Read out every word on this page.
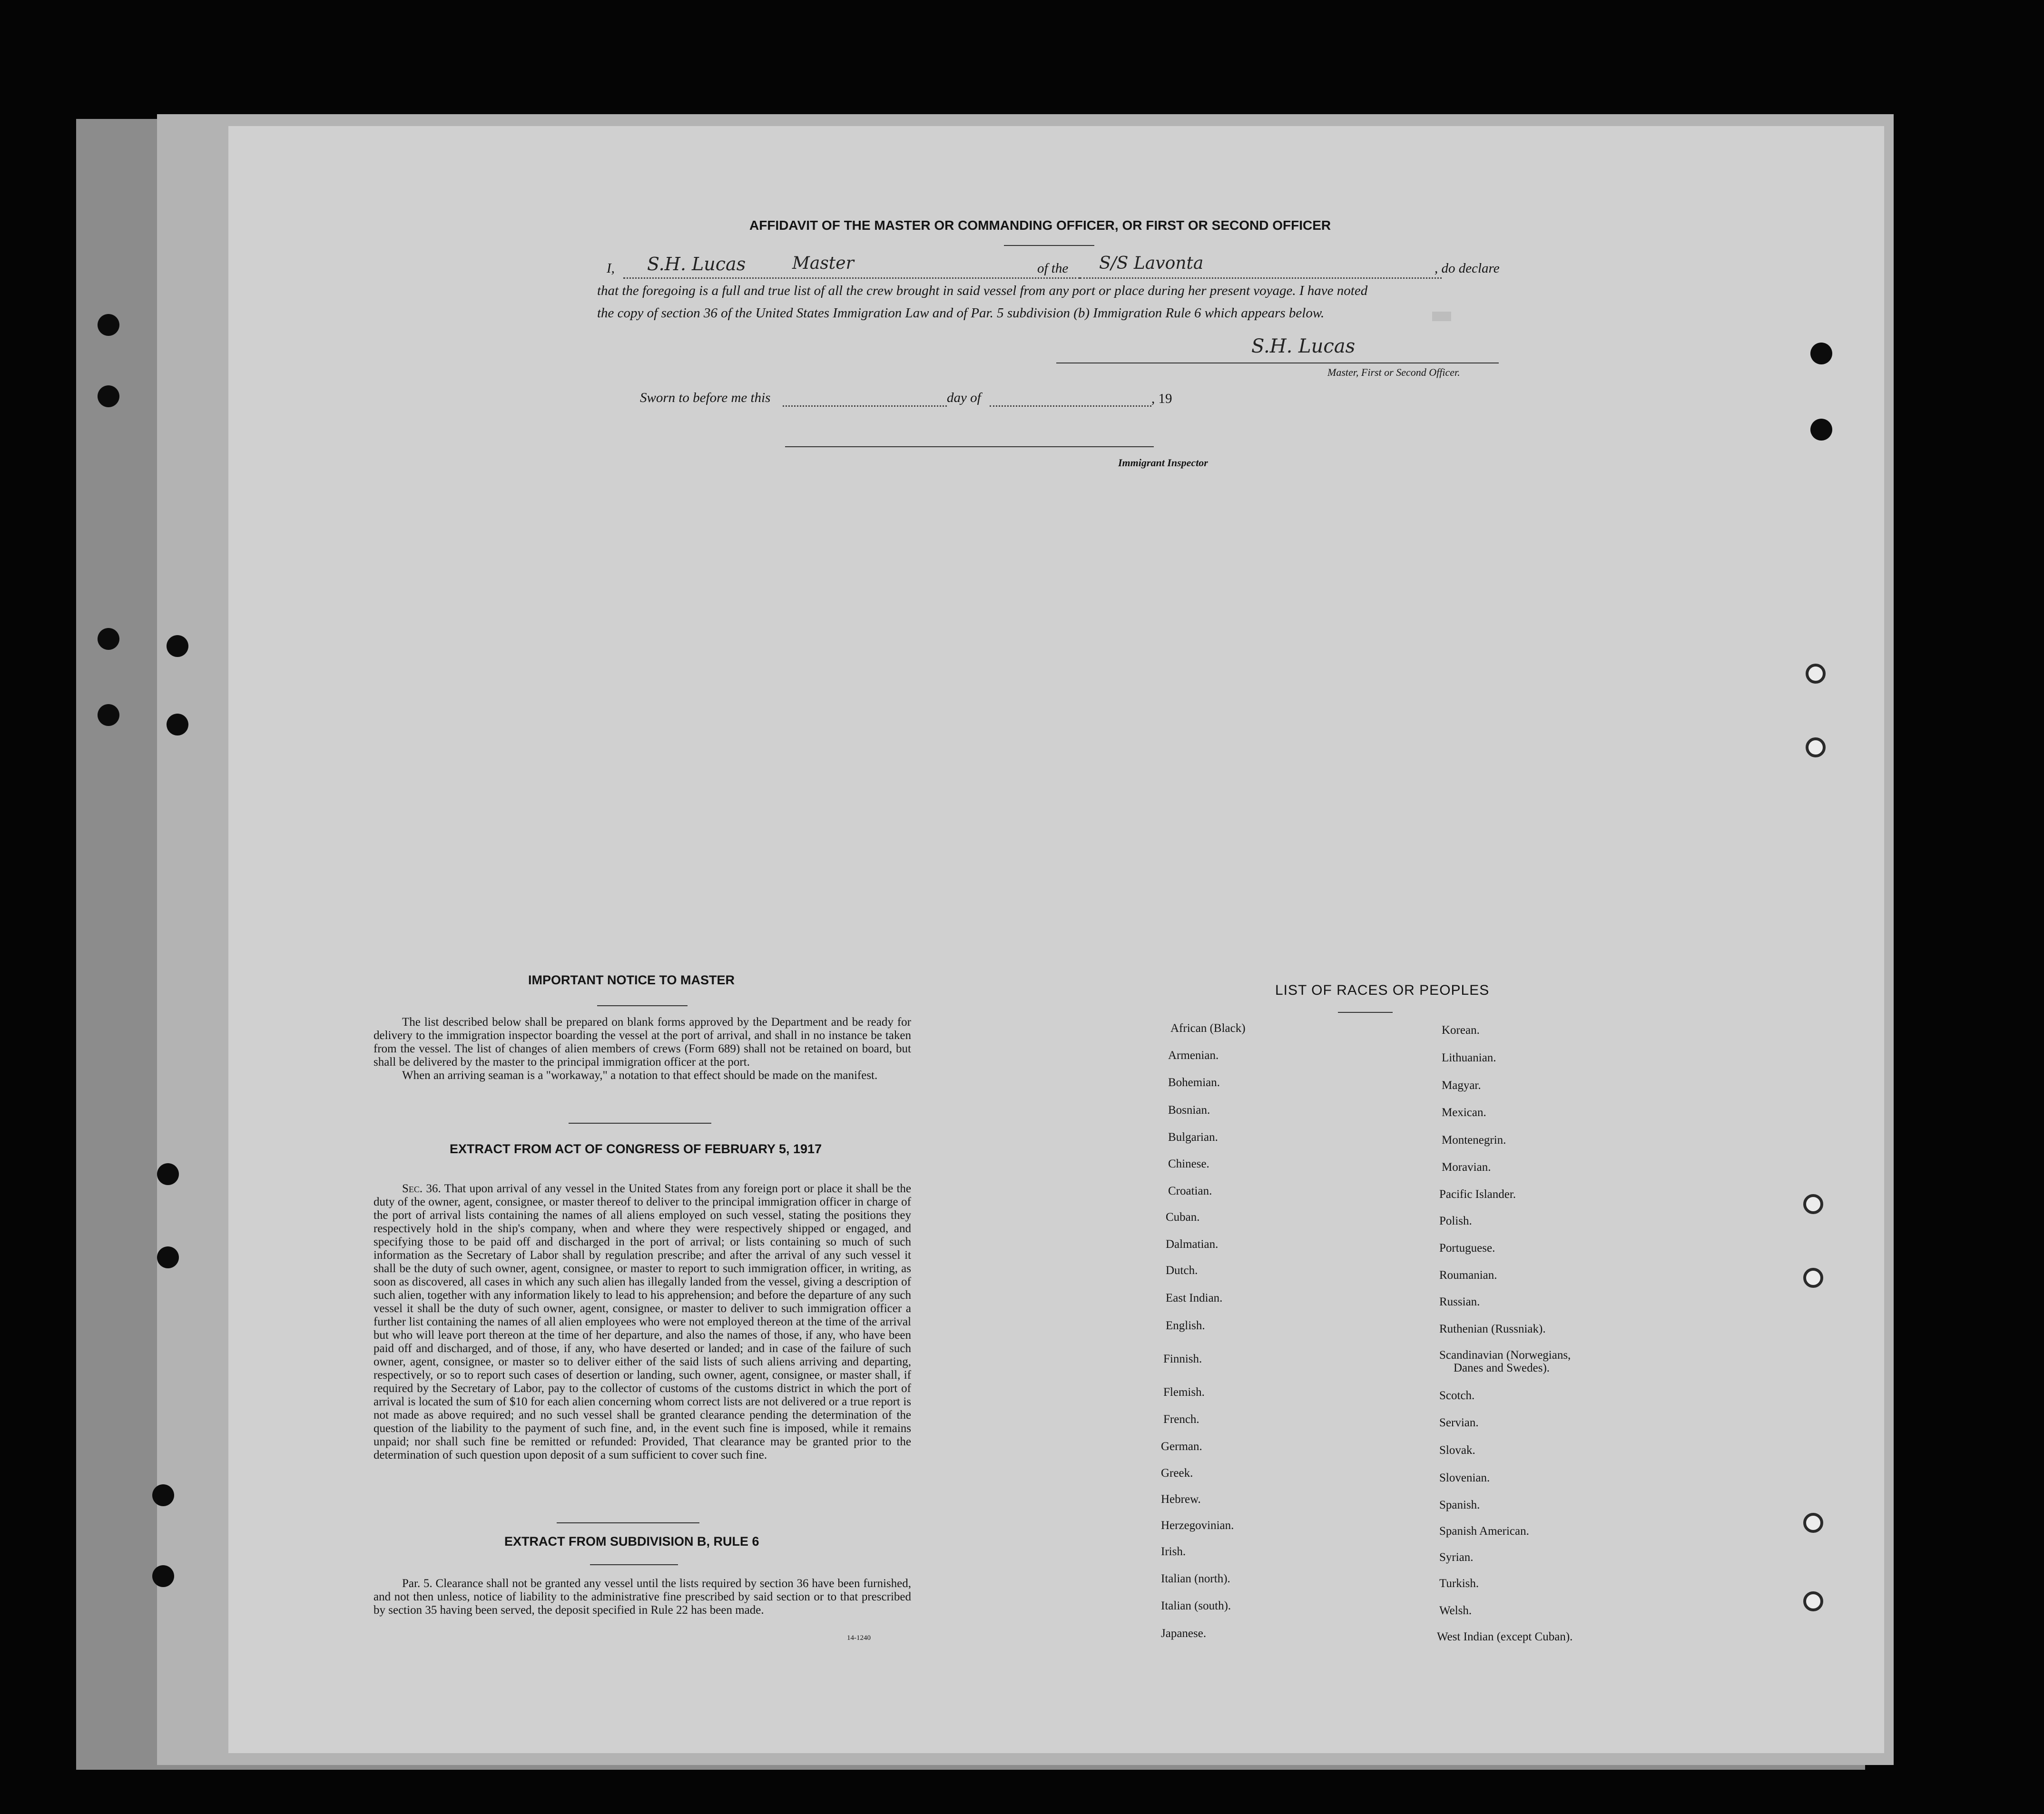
AFFIDAVIT OF THE MASTER OR COMMANDING OFFICER, OR FIRST OR SECOND OFFICER
I, S.H. Lucas	Master	of the S/S Lavonta	, do declare
that the foregoing is a full and true list of all the crew brought in said vessel from any port or place during her present voyage. I have noted
the copy of section 36 of the United States Immigration Law and of Par. 5 subdivision (b) Immigration Rule 6 which appears below.
S.H. Lucas
Master, First or Second Officer.
Sworn to before me this	day of	, 19
Immigrant Inspector
IMPORTANT NOTICE TO MASTER
The list described below shall be prepared on blank forms approved by the Department and be ready for delivery to the immigration inspector boarding the vessel at the port of arrival, and shall in no instance be taken from the vessel. The list of changes of alien members of crews (Form 689) shall not be retained on board, but shall be delivered by the master to the principal immigration officer at the port.
When an arriving seaman is a "workaway," a notation to that effect should be made on the manifest.
EXTRACT FROM ACT OF CONGRESS OF FEBRUARY 5, 1917
Sec. 36. That upon arrival of any vessel in the United States from any foreign port or place it shall be the duty of the owner, agent, consignee, or master thereof to deliver to the principal immigration officer in charge of the port of arrival lists containing the names of all aliens employed on such vessel, stating the positions they respectively hold in the ship's company, when and where they were respectively shipped or engaged, and specifying those to be paid off and discharged in the port of arrival; or lists containing so much of such information as the Secretary of Labor shall by regulation prescribe; and after the arrival of any such vessel it shall be the duty of such owner, agent, consignee, or master to report to such immigration officer, in writing, as soon as discovered, all cases in which any such alien has illegally landed from the vessel, giving a description of such alien, together with any information likely to lead to his apprehension; and before the departure of any such vessel it shall be the duty of such owner, agent, consignee, or master to deliver to such immigration officer a further list containing the names of all alien employees who were not employed thereon at the time of the arrival but who will leave port thereon at the time of her departure, and also the names of those, if any, who have been paid off and discharged, and of those, if any, who have deserted or landed; and in case of the failure of such owner, agent, consignee, or master so to deliver either of the said lists of such aliens arriving and departing, respectively, or so to report such cases of desertion or landing, such owner, agent, consignee, or master shall, if required by the Secretary of Labor, pay to the collector of customs of the customs district in which the port of arrival is located the sum of $10 for each alien concerning whom correct lists are not delivered or a true report is not made as above required; and no such vessel shall be granted clearance pending the determination of the question of the liability to the payment of such fine, and, in the event such fine is imposed, while it remains unpaid; nor shall such fine be remitted or refunded: Provided, That clearance may be granted prior to the determination of such question upon deposit of a sum sufficient to cover such fine.
EXTRACT FROM SUBDIVISION B, RULE 6
Par. 5. Clearance shall not be granted any vessel until the lists required by section 36 have been furnished, and not then unless, notice of liability to the administrative fine prescribed by said section or to that prescribed by section 35 having been served, the deposit specified in Rule 22 has been made.
14-1240
LIST OF RACES OR PEOPLES
African (Black)
Armenian.
Bohemian.
Bosnian.
Bulgarian.
Chinese.
Croatian.
Cuban.
Dalmatian.
Dutch.
East Indian.
English.
Finnish.
Flemish.
French.
German.
Greek.
Hebrew.
Herzegovinian.
Irish.
Italian (north).
Italian (south).
Japanese.
Korean.
Lithuanian.
Magyar.
Mexican.
Montenegrin.
Moravian.
Pacific Islander.
Polish.
Portuguese.
Roumanian.
Russian.
Ruthenian (Russniak).
Scandinavian (Norwegians,
Danes and Swedes).
Scotch.
Servian.
Slovak.
Slovenian.
Spanish.
Spanish American.
Syrian.
Turkish.
Welsh.
West Indian (except Cuban).
